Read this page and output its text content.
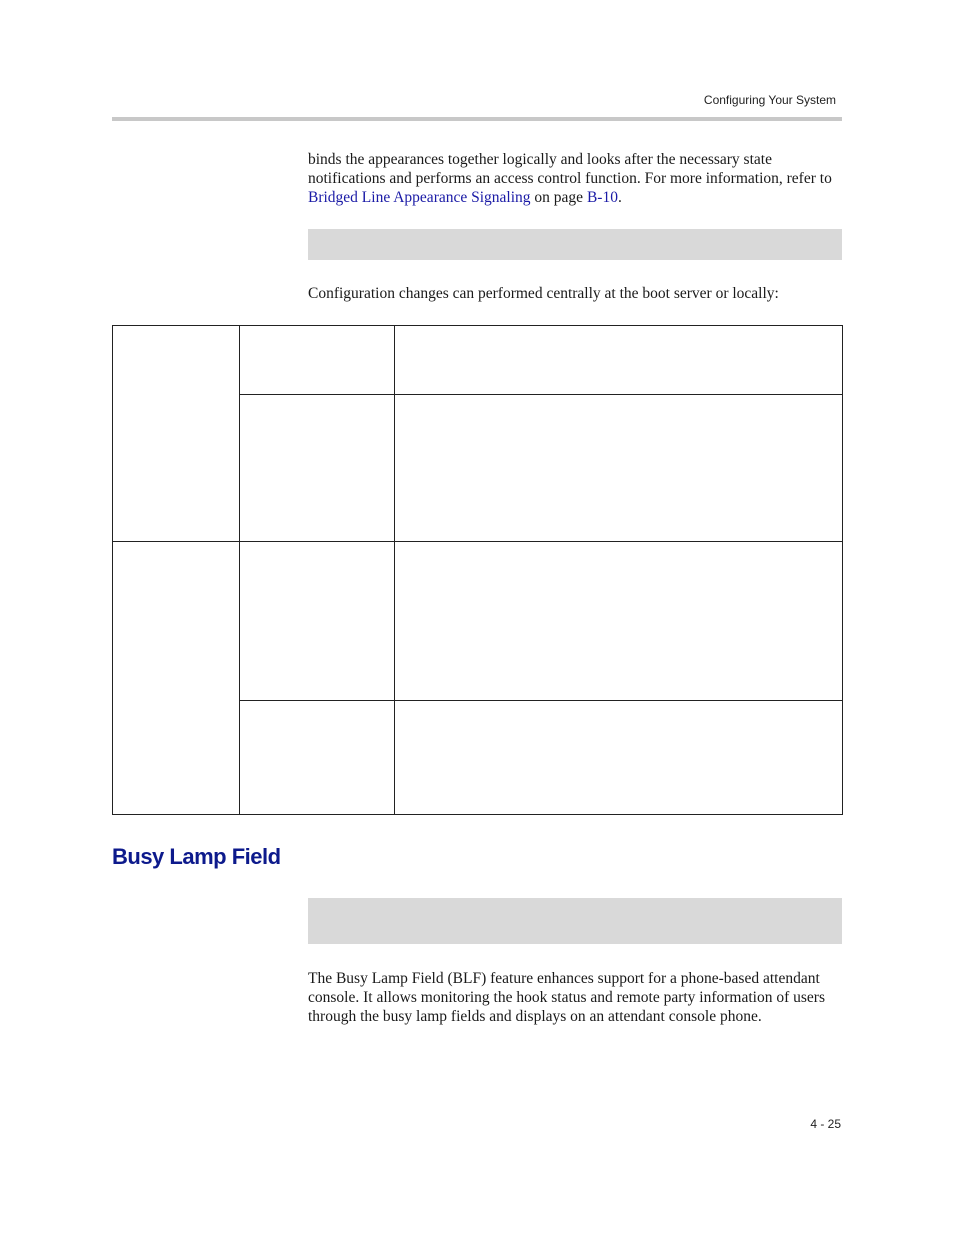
Configuring Your System

binds the appearances together logically and looks after the necessary state notifications and performs an access control function. For more information, refer to Bridged Line Appearance Signaling on page B-10.

Configuration changes can performed centrally at the boot server or locally:

Busy Lamp Field

The Busy Lamp Field (BLF) feature enhances support for a phone-based attendant console. It allows monitoring the hook status and remote party information of users through the busy lamp fields and displays on an attendant console phone.

4 - 25
